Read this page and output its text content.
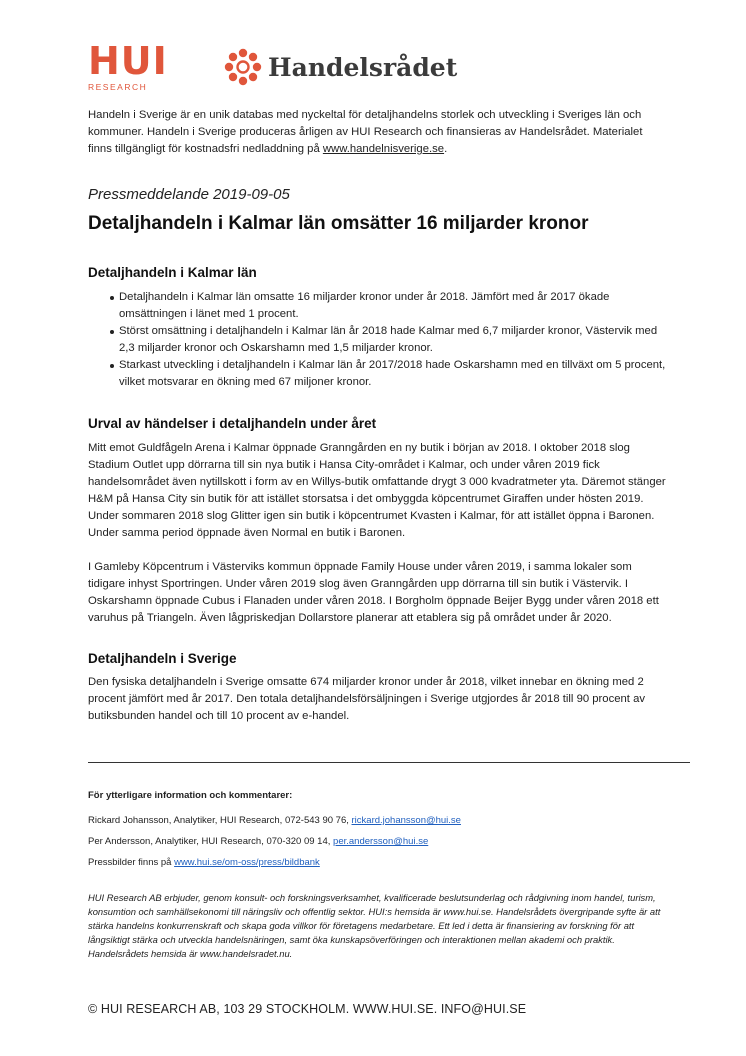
HUI
RESEARCH
Handelsrådet
Handeln i Sverige är en unik databas med nyckeltal för detaljhandelns storlek och utveckling i Sveriges län och kommuner. Handeln i Sverige produceras årligen av HUI Research och finansieras av Handelsrådet. Materialet finns tillgängligt för kostnadsfri nedladdning på www.handelnisverige.se.
Pressmeddelande 2019-09-05
Detaljhandeln i Kalmar län omsätter 16 miljarder kronor
Detaljhandeln i Kalmar län
Detaljhandeln i Kalmar län omsatte 16 miljarder kronor under år 2018. Jämfört med år 2017 ökade omsättningen i länet med 1 procent.
Störst omsättning i detaljhandeln i Kalmar län år 2018 hade Kalmar med 6,7 miljarder kronor, Västervik med 2,3 miljarder kronor och Oskarshamn med 1,5 miljarder kronor.
Starkast utveckling i detaljhandeln i Kalmar län år 2017/2018 hade Oskarshamn med en tillväxt om 5 procent, vilket motsvarar en ökning med 67 miljoner kronor.
Urval av händelser i detaljhandeln under året

Mitt emot Guldfågeln Arena i Kalmar öppnade Granngården en ny butik i början av 2018. I oktober 2018 slog Stadium Outlet upp dörrarna till sin nya butik i Hansa City-området i Kalmar, och under våren 2019 fick handelsområdet även nytillskott i form av en Willys-butik omfattande drygt 3 000 kvadratmeter yta. Däremot stänger H&M på Hansa City sin butik för att istället storsatsa i det ombyggda köpcentrumet Giraffen under hösten 2019. Under sommaren 2018 slog Glitter igen sin butik i köpcentrumet Kvasten i Kalmar, för att istället öppna i Baronen. Under samma period öppnade även Normal en butik i Baronen.

I Gamleby Köpcentrum i Västerviks kommun öppnade Family House under våren 2019, i samma lokaler som tidigare inhyst Sportringen. Under våren 2019 slog även Granngården upp dörrarna till sin butik i Västervik. I Oskarshamn öppnade Cubus i Flanaden under våren 2018. I Borgholm öppnade Beijer Bygg under våren 2018 ett varuhus på Triangeln. Även lågpriskedjan Dollarstore planerar att etablera sig på området under år 2020.

Detaljhandeln i Sverige

Den fysiska detaljhandeln i Sverige omsatte 674 miljarder kronor under år 2018, vilket innebar en ökning med 2 procent jämfört med år 2017. Den totala detaljhandelsförsäljningen i Sverige utgjordes år 2018 till 90 procent av butiksbunden handel och till 10 procent av e-handel.

För ytterligare information och kommentarer:
Rickard Johansson, Analytiker, HUI Research, 072-543 90 76, rickard.johansson@hui.se
Per Andersson, Analytiker, HUI Research, 070-320 09 14, per.andersson@hui.se
Pressbilder finns på www.hui.se/om-oss/press/bildbank

HUI Research AB erbjuder, genom konsult- och forskningsverksamhet, kvalificerade beslutsunderlag och rådgivning inom handel, turism, konsumtion och samhällsekonomi till näringsliv och offentlig sektor. HUI:s hemsida är www.hui.se. Handelsrådets övergripande syfte är att stärka handelns konkurrenskraft och skapa goda villkor för företagens medarbetare. Ett led i detta är finansiering av forskning för att långsiktigt stärka och utveckla handelsnäringen, samt öka kunskapsöverföringen och interaktionen mellan akademi och praktik. Handelsrådets hemsida är www.handelsradet.nu.

© HUI RESEARCH AB, 103 29 STOCKHOLM. WWW.HUI.SE. INFO@HUI.SE
